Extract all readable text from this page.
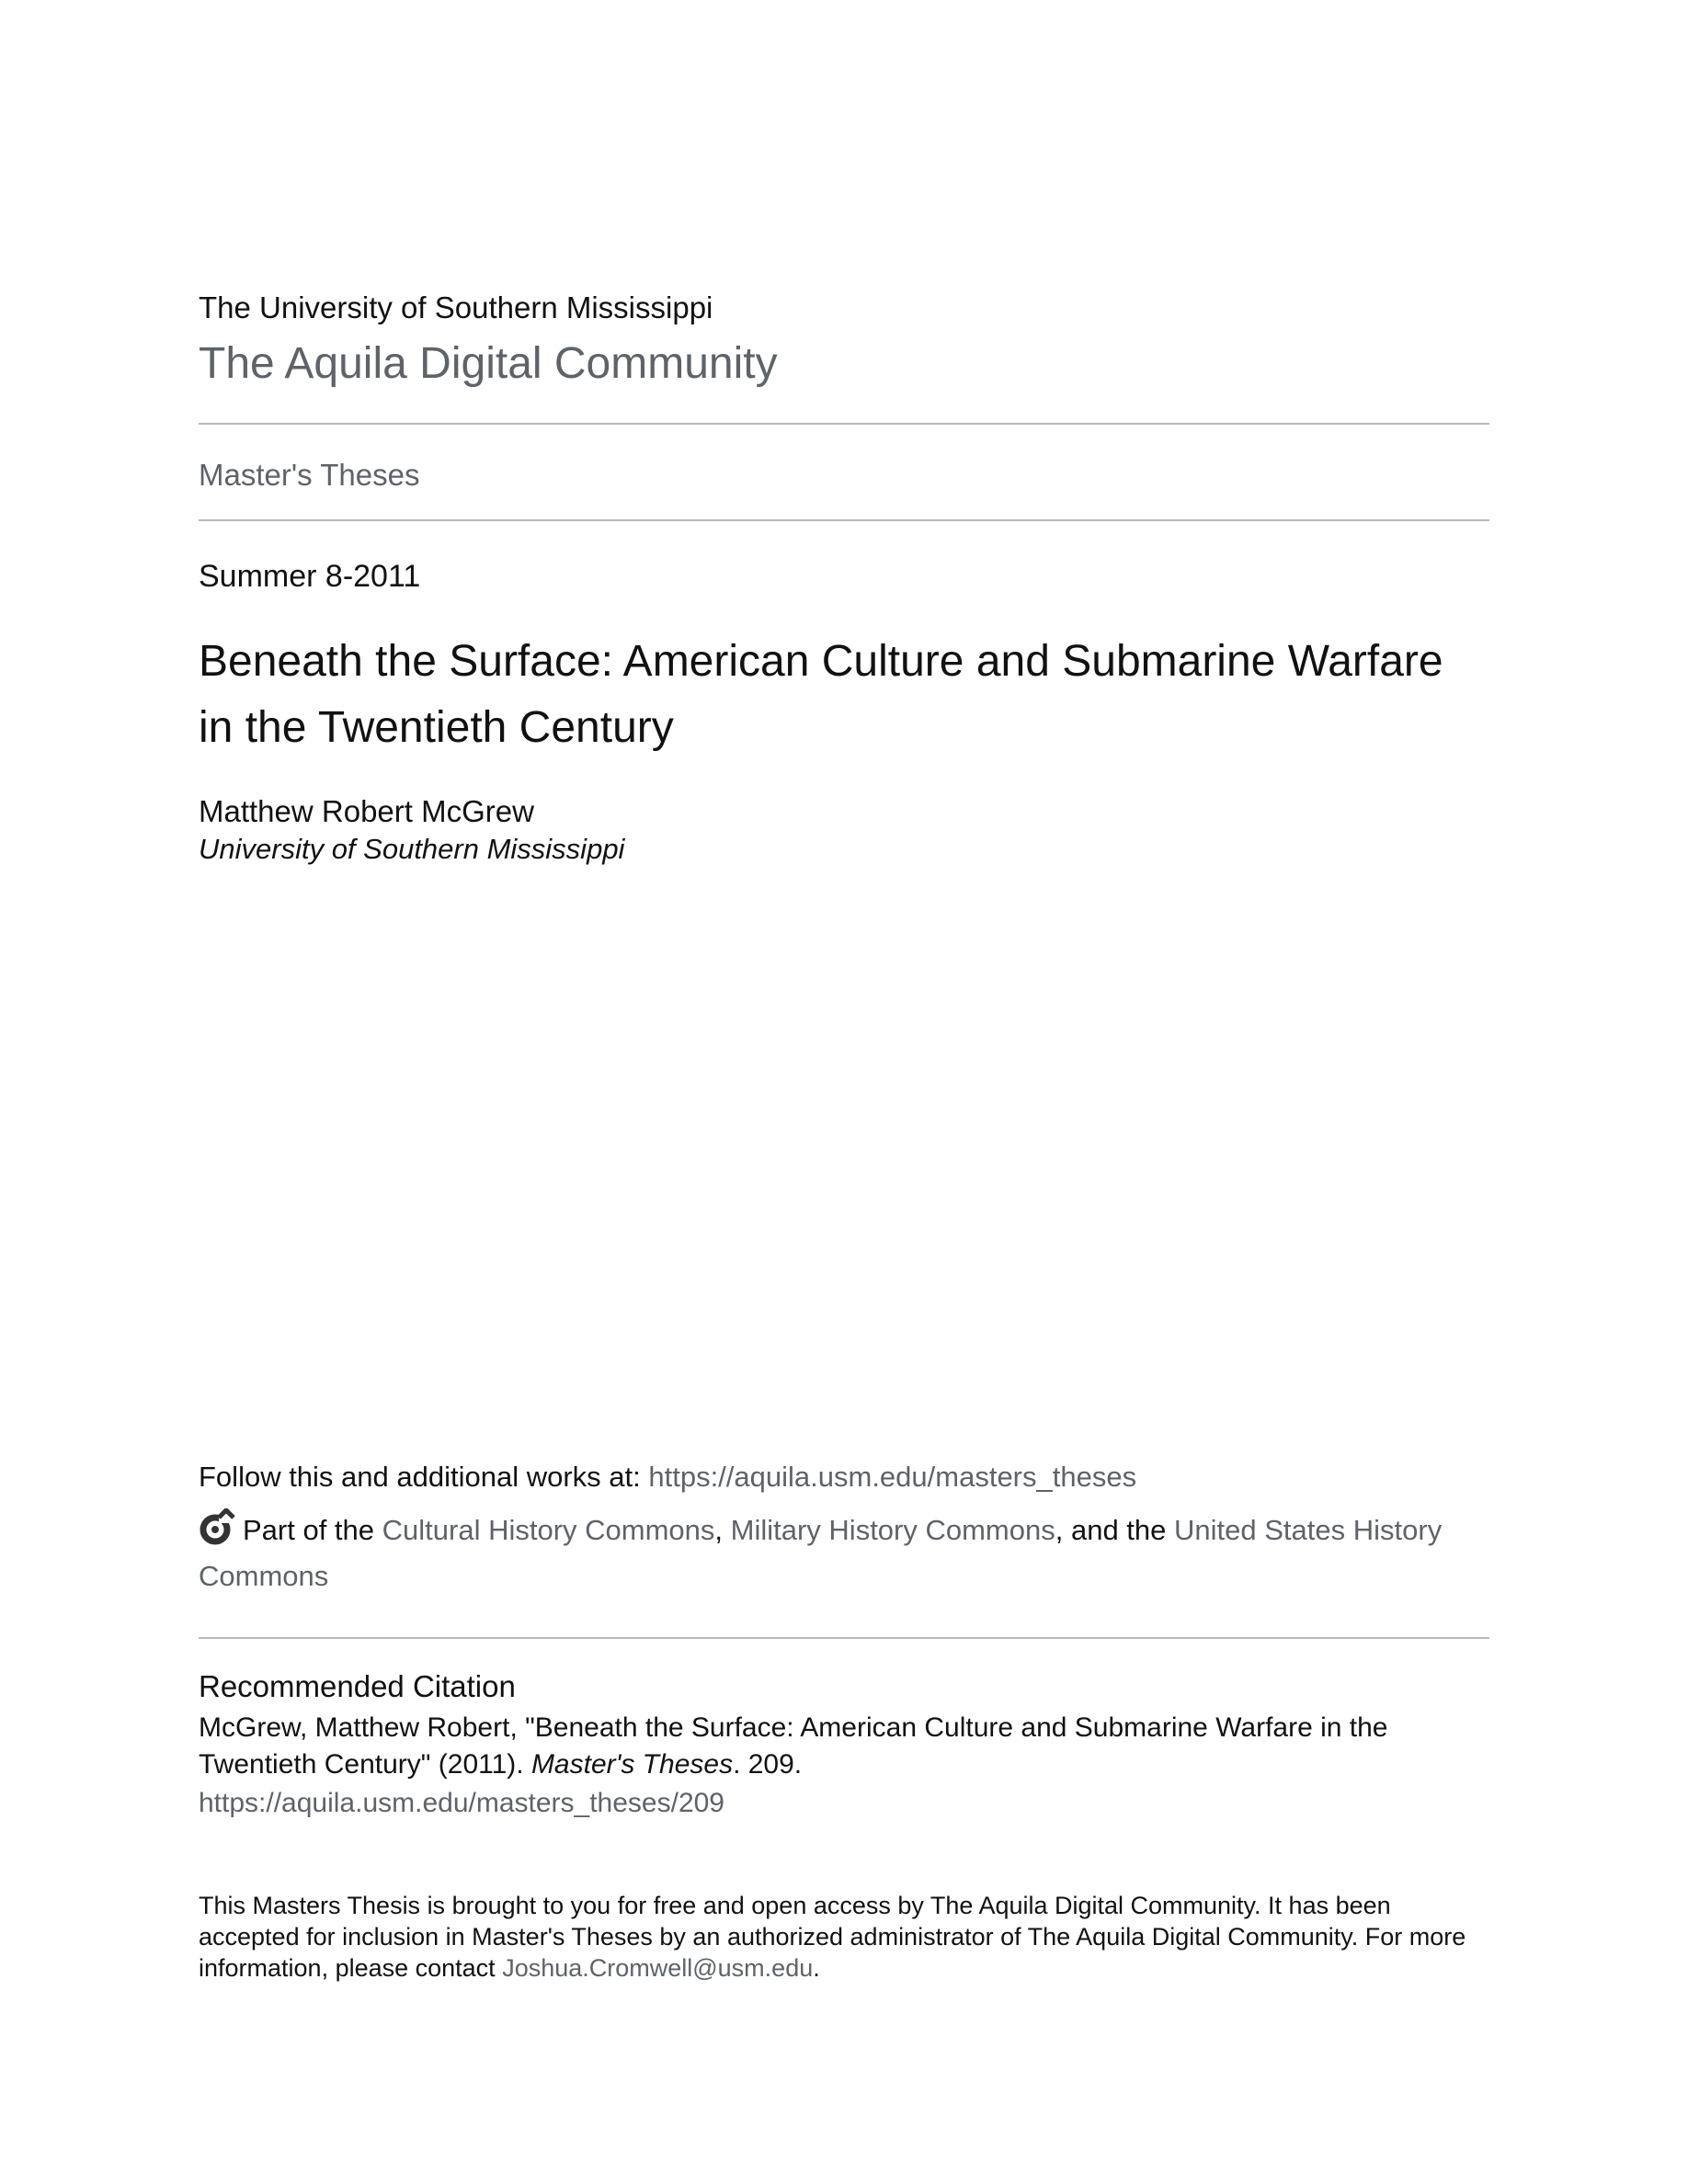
The University of Southern Mississippi
The Aquila Digital Community
Master's Theses
Summer 8-2011
Beneath the Surface: American Culture and Submarine Warfare in the Twentieth Century
Matthew Robert McGrew
University of Southern Mississippi
Follow this and additional works at: https://aquila.usm.edu/masters_theses
Part of the Cultural History Commons, Military History Commons, and the United States History Commons
Recommended Citation
McGrew, Matthew Robert, "Beneath the Surface: American Culture and Submarine Warfare in the Twentieth Century" (2011). Master's Theses. 209.
https://aquila.usm.edu/masters_theses/209
This Masters Thesis is brought to you for free and open access by The Aquila Digital Community. It has been accepted for inclusion in Master's Theses by an authorized administrator of The Aquila Digital Community. For more information, please contact Joshua.Cromwell@usm.edu.
